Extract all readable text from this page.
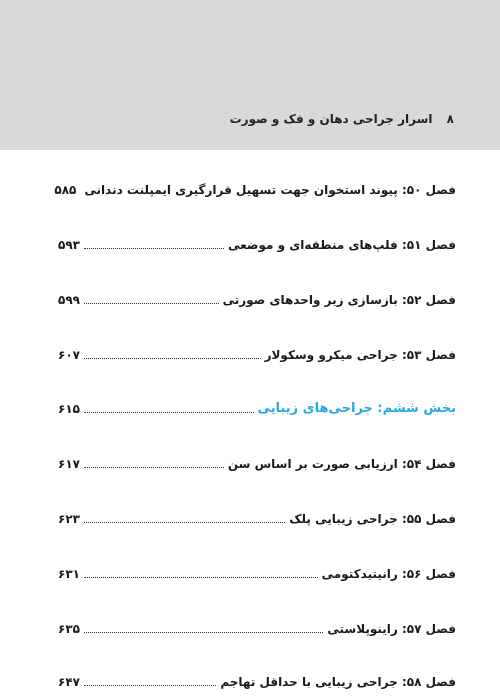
۸ اسرار جراحی دهان و فک و صورت
فصل ۵۰: پیوند استخوان جهت تسهیل قرارگیری ایمپلنت دندانی
۵۸۵
فصل ۵۱: فلپ‌های منطقه‌ای و موضعی
۵۹۳
فصل ۵۲: بازسازی زیر واحدهای صورتی
۵۹۹
فصل ۵۳: جراحی میکرو وسکولار
۶۰۷
بخش ششم: جراحی‌های زیبایی
۶۱۵
فصل ۵۴: ارزیابی صورت بر اساس سن
۶۱۷
فصل ۵۵: جراحی زیبایی پلک
۶۲۳
فصل ۵۶: رانیتیدکتومی
۶۳۱
فصل ۵۷: راینوپلاستی
۶۳۵
فصل ۵۸: جراحی زیبایی با حداقل تهاجم
۶۴۷
